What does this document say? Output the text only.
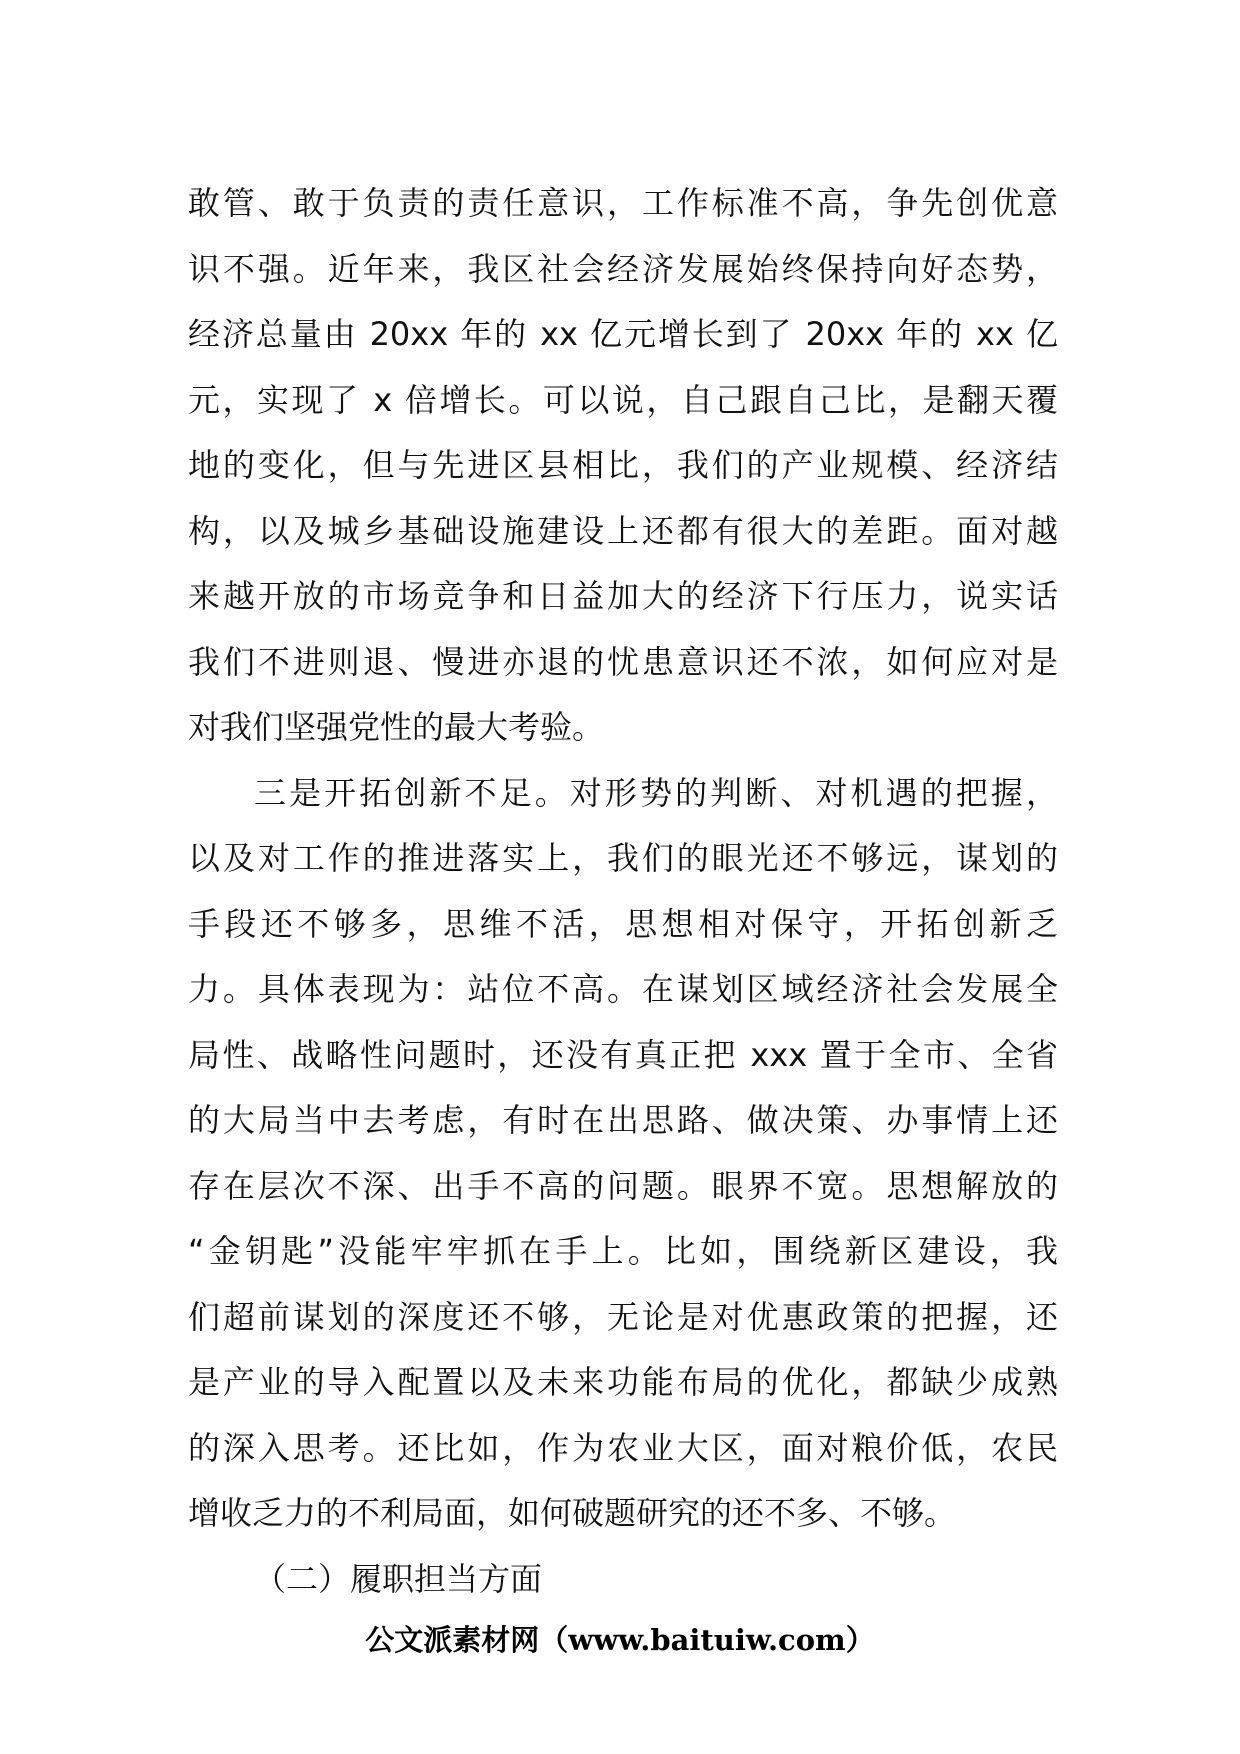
敢管、敢于负责的责任意识，工作标准不高，争先创优意
识不强。近年来，我区社会经济发展始终保持向好态势，
经济总量由 20xx 年的 xx 亿元增长到了 20xx 年的 xx 亿
元，实现了 x 倍增长。可以说，自己跟自己比，是翻天覆
地的变化，但与先进区县相比，我们的产业规模、经济结
构，以及城乡基础设施建设上还都有很大的差距。面对越
来越开放的市场竞争和日益加大的经济下行压力，说实话
我们不进则退、慢进亦退的忧患意识还不浓，如何应对是
对我们坚强党性的最大考验。
三是开拓创新不足。对形势的判断、对机遇的把握，
以及对工作的推进落实上，我们的眼光还不够远，谋划的
手段还不够多，思维不活，思想相对保守，开拓创新乏
力。具体表现为：站位不高。在谋划区域经济社会发展全
局性、战略性问题时，还没有真正把 xxx 置于全市、全省
的大局当中去考虑，有时在出思路、做决策、办事情上还
存在层次不深、出手不高的问题。眼界不宽。思想解放的
“金钥匙”没能牢牢抓在手上。比如，围绕新区建设，我
们超前谋划的深度还不够，无论是对优惠政策的把握，还
是产业的导入配置以及未来功能布局的优化，都缺少成熟
的深入思考。还比如，作为农业大区，面对粮价低，农民
增收乏力的不利局面，如何破题研究的还不多、不够。
（二）履职担当方面
公文派素材网（www.baituiw.com）
